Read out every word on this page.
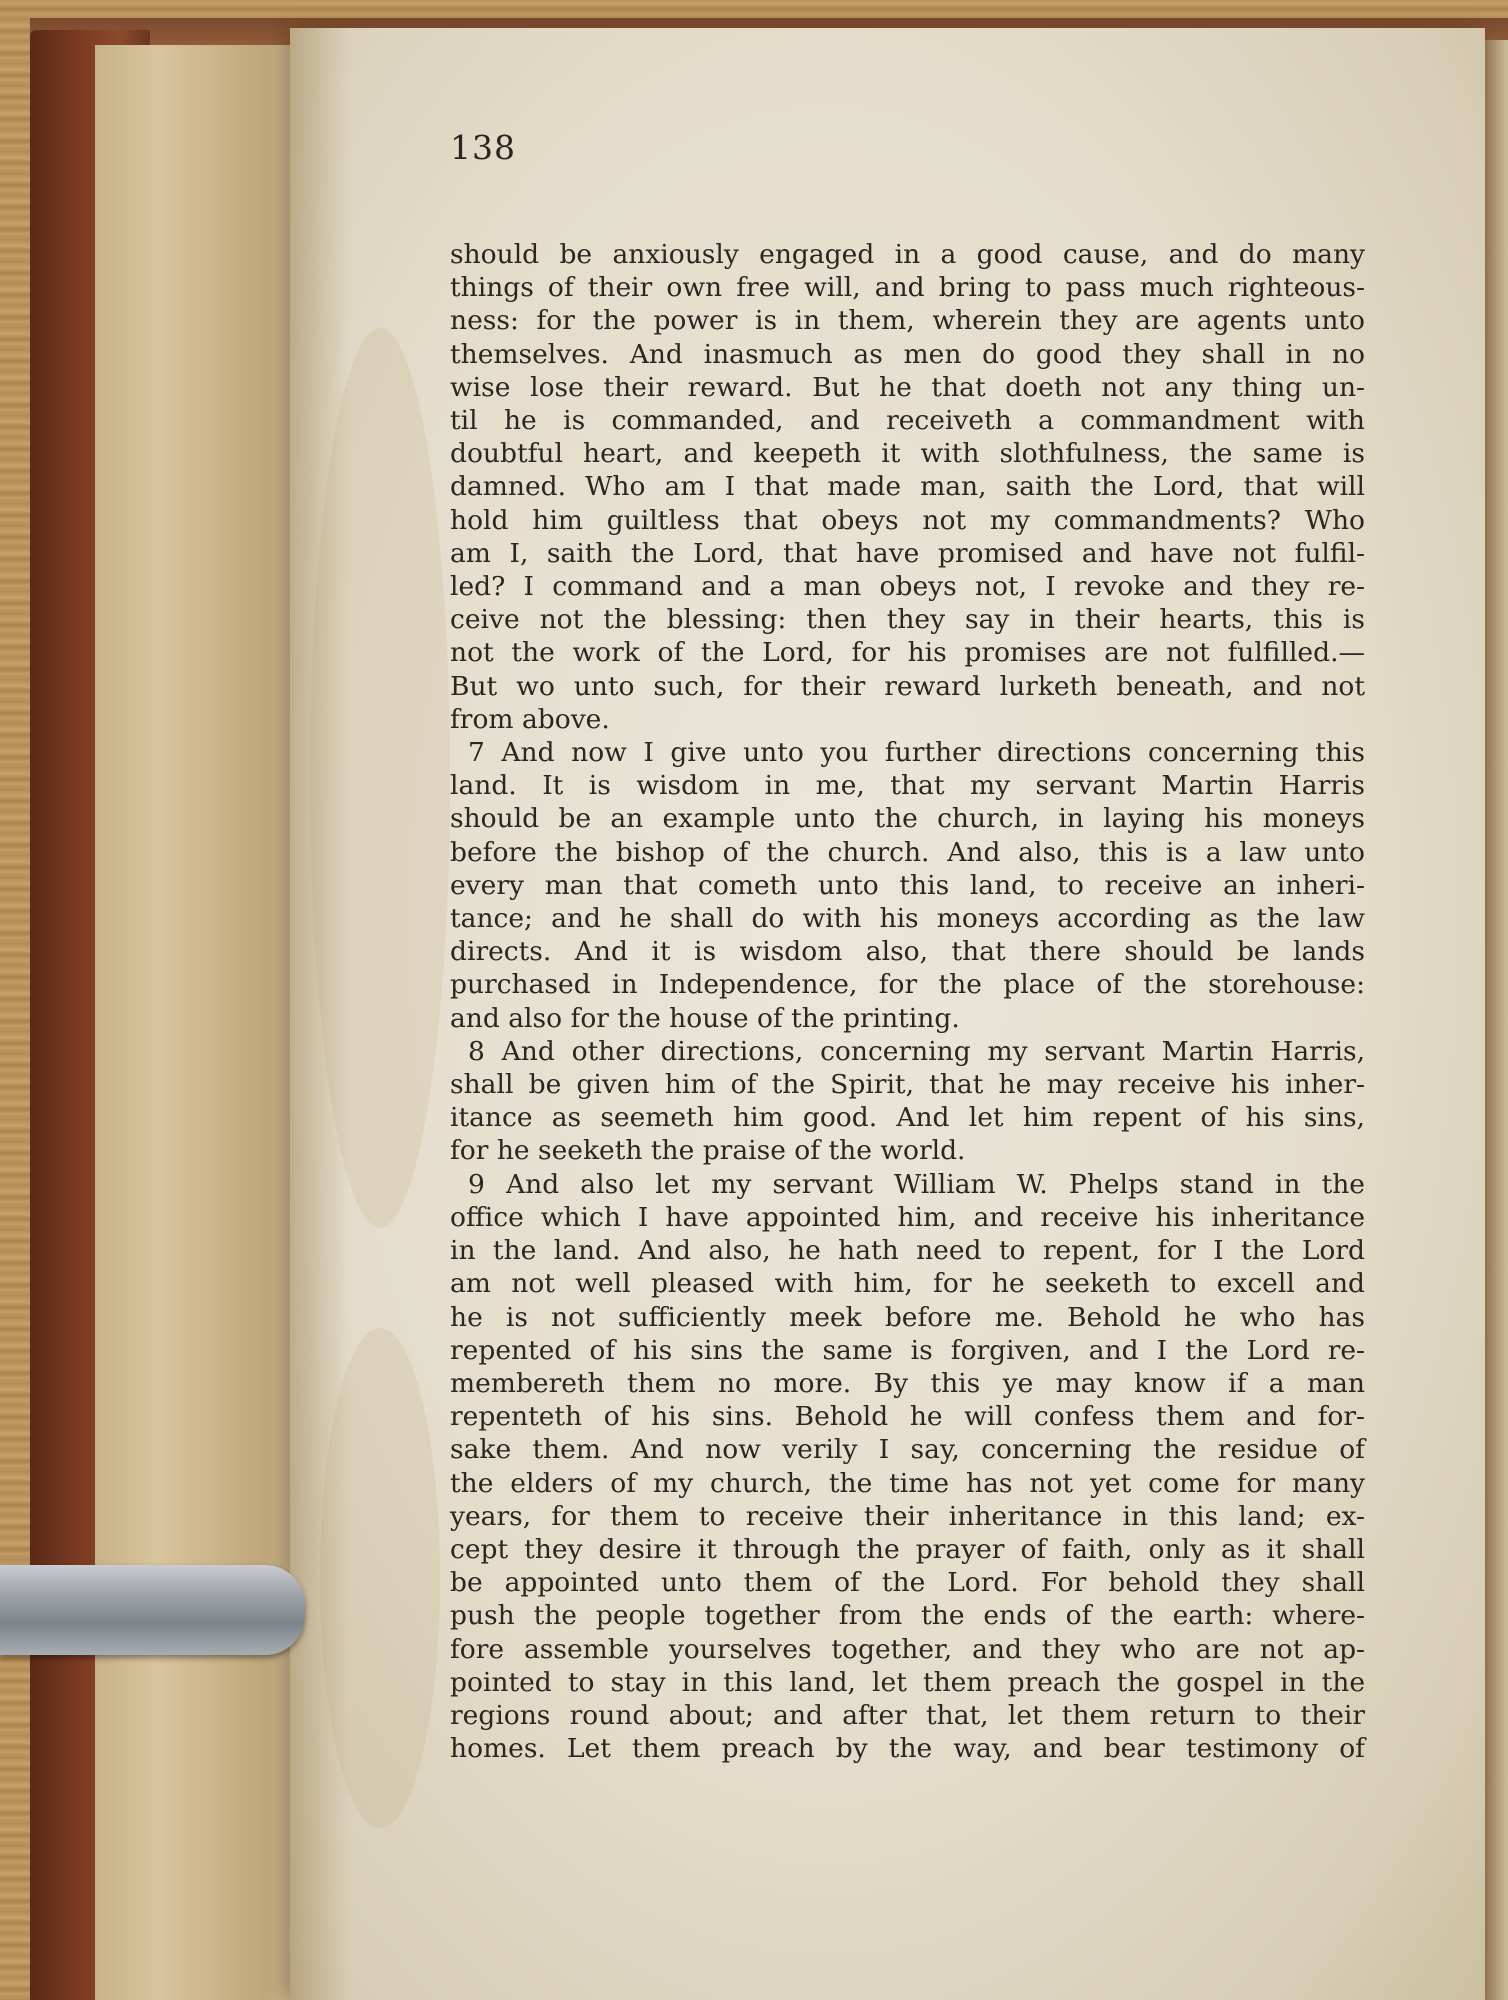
138
should be anxiously engaged in a good cause, and do many
things of their own free will, and bring to pass much righteous-
ness: for the power is in them, wherein they are agents unto
themselves. And inasmuch as men do good they shall in no
wise lose their reward. But he that doeth not any thing un-
til he is commanded, and receiveth a commandment with
doubtful heart, and keepeth it with slothfulness, the same is
damned. Who am I that made man, saith the Lord, that will
hold him guiltless that obeys not my commandments? Who
am I, saith the Lord, that have promised and have not fulfil-
led? I command and a man obeys not, I revoke and they re-
ceive not the blessing: then they say in their hearts, this is
not the work of the Lord, for his promises are not fulfilled.—
But wo unto such, for their reward lurketh beneath, and not
from above.
7 And now I give unto you further directions concerning this
land. It is wisdom in me, that my servant Martin Harris
should be an example unto the church, in laying his moneys
before the bishop of the church. And also, this is a law unto
every man that cometh unto this land, to receive an inheri-
tance; and he shall do with his moneys according as the law
directs. And it is wisdom also, that there should be lands
purchased in Independence, for the place of the storehouse:
and also for the house of the printing.
8 And other directions, concerning my servant Martin Harris,
shall be given him of the Spirit, that he may receive his inher-
itance as seemeth him good. And let him repent of his sins,
for he seeketh the praise of the world.
9 And also let my servant William W. Phelps stand in the
office which I have appointed him, and receive his inheritance
in the land. And also, he hath need to repent, for I the Lord
am not well pleased with him, for he seeketh to excell and
he is not sufficiently meek before me. Behold he who has
repented of his sins the same is forgiven, and I the Lord re-
membereth them no more. By this ye may know if a man
repenteth of his sins. Behold he will confess them and for-
sake them. And now verily I say, concerning the residue of
the elders of my church, the time has not yet come for many
years, for them to receive their inheritance in this land; ex-
cept they desire it through the prayer of faith, only as it shall
be appointed unto them of the Lord. For behold they shall
push the people together from the ends of the earth: where-
fore assemble yourselves together, and they who are not ap-
pointed to stay in this land, let them preach the gospel in the
regions round about; and after that, let them return to their
homes. Let them preach by the way, and bear testimony of
